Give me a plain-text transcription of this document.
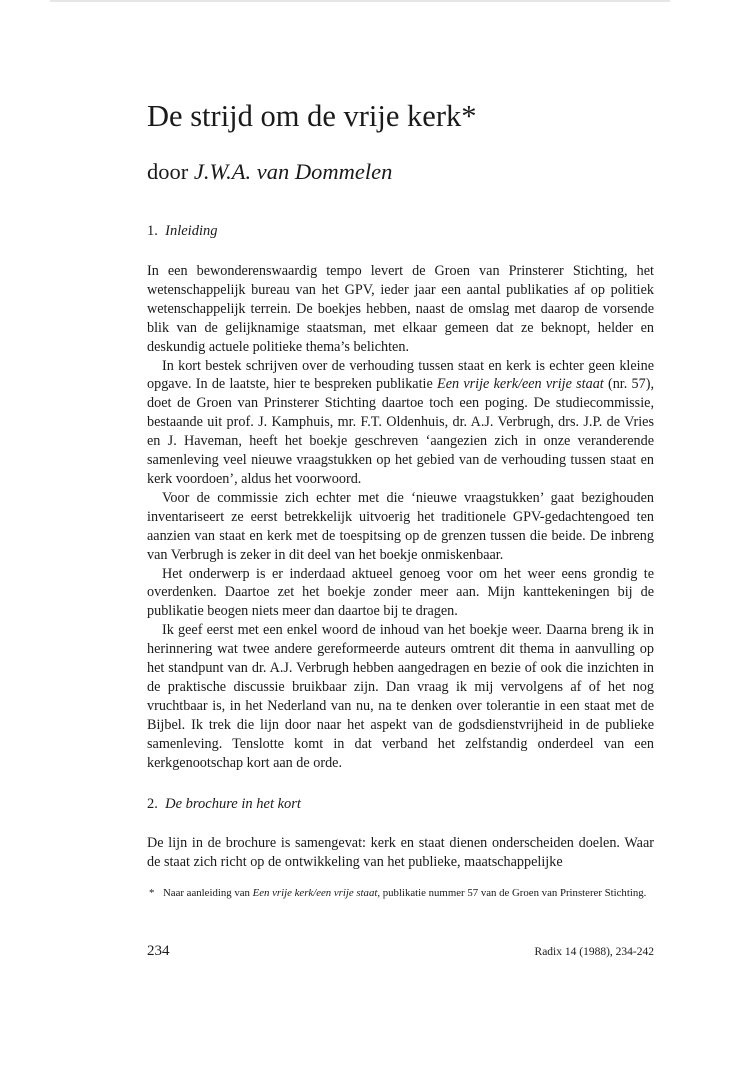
De strijd om de vrije kerk*
door J.W.A. van Dommelen
1. Inleiding

In een bewonderenswaardig tempo levert de Groen van Prinsterer Stichting, het wetenschappelijk bureau van het GPV, ieder jaar een aantal publikaties af op politiek wetenschappelijk terrein. De boekjes hebben, naast de omslag met daarop de vorsende blik van de gelijknamige staatsman, met elkaar gemeen dat ze beknopt, helder en deskundig actuele politieke thema’s belichten.

In kort bestek schrijven over de verhouding tussen staat en kerk is echter geen kleine opgave. In de laatste, hier te bespreken publikatie Een vrije kerk/een vrije staat (nr. 57), doet de Groen van Prinsterer Stichting daartoe toch een poging. De studiecommissie, bestaande uit prof. J. Kamphuis, mr. F.T. Oldenhuis, dr. A.J. Verbrugh, drs. J.P. de Vries en J. Haveman, heeft het boekje geschreven ‘aangezien zich in onze veranderende samenleving veel nieuwe vraagstukken op het gebied van de verhouding tussen staat en kerk voordoen’, aldus het voorwoord.

Voor de commissie zich echter met die ‘nieuwe vraagstukken’ gaat bezighouden inventariseert ze eerst betrekkelijk uitvoerig het traditionele GPV-gedachtengoed ten aanzien van staat en kerk met de toespitsing op de grenzen tussen die beide. De inbreng van Verbrugh is zeker in dit deel van het boekje onmiskenbaar.

Het onderwerp is er inderdaad aktueel genoeg voor om het weer eens grondig te overdenken. Daartoe zet het boekje zonder meer aan. Mijn kanttekeningen bij de publikatie beogen niets meer dan daartoe bij te dragen.

Ik geef eerst met een enkel woord de inhoud van het boekje weer. Daarna breng ik in herinnering wat twee andere gereformeerde auteurs omtrent dit thema in aanvulling op het standpunt van dr. A.J. Verbrugh hebben aangedragen en bezie of ook die inzichten in de praktische discussie bruikbaar zijn. Dan vraag ik mij vervolgens af of het nog vruchtbaar is, in het Nederland van nu, na te denken over tolerantie in een staat met de Bijbel. Ik trek die lijn door naar het aspekt van de godsdienstvrijheid in de publieke samenleving. Tenslotte komt in dat verband het zelfstandig onderdeel van een kerkgenootschap kort aan de orde.

2. De brochure in het kort

De lijn in de brochure is samengevat: kerk en staat dienen onderscheiden doelen. Waar de staat zich richt op de ontwikkeling van het publieke, maatschappelijke

* Naar aanleiding van Een vrije kerk/een vrije staat, publikatie nummer 57 van de Groen van Prinsterer Stichting.
234	Radix 14 (1988), 234-242
